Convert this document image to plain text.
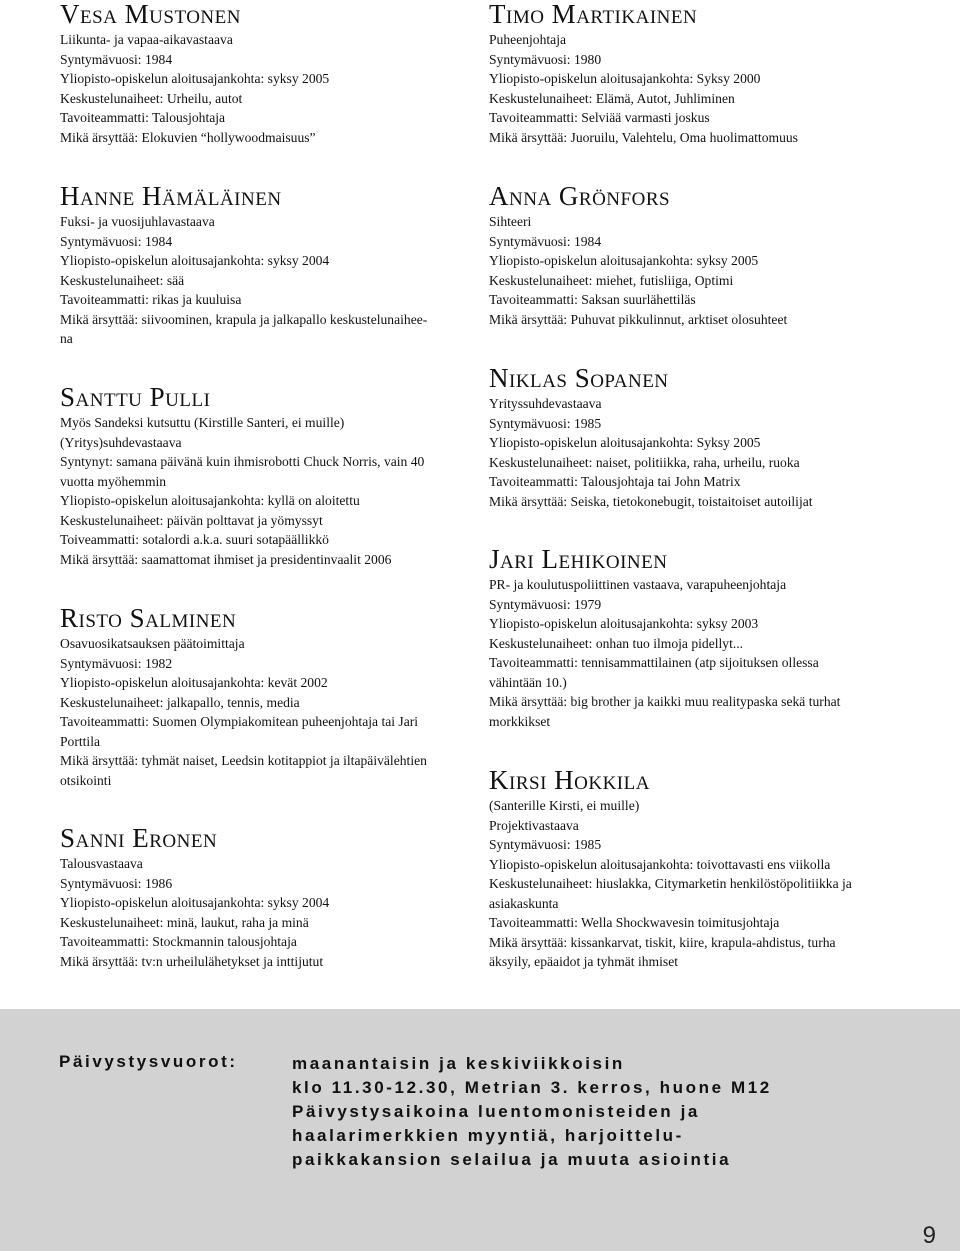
Vesa Mustonen

Liikunta- ja vapaa-aikavastaava

Syntymävuosi: 1984

Yliopisto-opiskelun aloitusajankohta: syksy 2005

Keskustelunaiheet: Urheilu, autot

Tavoiteammatti: Talousjohtaja

Mikä ärsyttää: Elokuvien “hollywoodmaisuus”

Hanne Hämäläinen

Fuksi- ja vuosijuhlavastaava

Syntymävuosi: 1984

Yliopisto-opiskelun aloitusajankohta: syksy 2004

Keskustelunaiheet: sää

Tavoiteammatti: rikas ja kuuluisa

Mikä ärsyttää: siivoominen, krapula ja jalkapallo keskustelunaihee-

na

Santtu Pulli

Myös Sandeksi kutsuttu (Kirstille Santeri, ei muille)

(Yritys)suhdevastaava

Syntynyt: samana päivänä kuin ihmisrobotti Chuck Norris, vain 40

vuotta myöhemmin

Yliopisto-opiskelun aloitusajankohta: kyllä on aloitettu

Keskustelunaiheet: päivän polttavat ja yömyssyt

Toiveammatti: sotalordi a.k.a. suuri sotapäällikkö

Mikä ärsyttää: saamattomat ihmiset ja presidentinvaalit 2006

Risto Salminen

Osavuosikatsauksen päätoimittaja

Syntymävuosi: 1982

Yliopisto-opiskelun aloitusajankohta: kevät 2002

Keskustelunaiheet: jalkapallo, tennis, media

Tavoiteammatti: Suomen Olympiakomitean puheenjohtaja tai Jari

Porttila

Mikä ärsyttää: tyhmät naiset, Leedsin kotitappiot ja iltapäivälehtien

otsikointi

Sanni Eronen

Talousvastaava

Syntymävuosi: 1986

Yliopisto-opiskelun aloitusajankohta: syksy 2004

Keskustelunaiheet: minä, laukut, raha ja minä

Tavoiteammatti: Stockmannin talousjohtaja

Mikä ärsyttää: tv:n urheilulähetykset ja inttijutut

Timo Martikainen

Puheenjohtaja

Syntymävuosi: 1980

Yliopisto-opiskelun aloitusajankohta: Syksy 2000

Keskustelunaiheet: Elämä, Autot, Juhliminen

Tavoiteammatti: Selviää varmasti joskus

Mikä ärsyttää: Juoruilu, Valehtelu, Oma huolimattomuus

Anna Grönfors

Sihteeri

Syntymävuosi: 1984

Yliopisto-opiskelun aloitusajankohta: syksy 2005

Keskustelunaiheet: miehet, futisliiga, Optimi

Tavoiteammatti: Saksan suurlähettiläs

Mikä ärsyttää: Puhuvat pikkulinnut, arktiset olosuhteet

Niklas Sopanen

Yrityssuhdevastaava

Syntymävuosi: 1985

Yliopisto-opiskelun aloitusajankohta: Syksy 2005

Keskustelunaiheet: naiset, politiikka, raha, urheilu, ruoka

Tavoiteammatti: Talousjohtaja tai John Matrix

Mikä ärsyttää: Seiska, tietokonebugit, toistaitoiset autoilijat

Jari Lehikoinen

PR- ja koulutuspoliittinen vastaava, varapuheenjohtaja

Syntymävuosi: 1979

Yliopisto-opiskelun aloitusajankohta: syksy 2003

Keskustelunaiheet: onhan tuo ilmoja pidellyt...

Tavoiteammatti: tennisammattilainen (atp sijoituksen ollessa

vähintään 10.)

Mikä ärsyttää: big brother ja kaikki muu realitypaska sekä turhat

morkkikset

Kirsi Hokkila

(Santerille Kirsti, ei muille)

Projektivastaava

Syntymävuosi: 1985

Yliopisto-opiskelun aloitusajankohta: toivottavasti ens viikolla

Keskustelunaiheet: hiuslakka, Citymarketin henkilöstöpolitiikka ja

asiakaskunta

Tavoiteammatti: Wella Shockwavesin toimitusjohtaja

Mikä ärsyttää: kissankarvat, tiskit, kiire, krapula-ahdistus, turha

äksyily, epäaidot ja tyhmät ihmiset

Päivystysvuorot:	maanantaisin ja keskiviikkoisin

klo 11.30-12.30, Metrian 3. kerros, huone M12

Päivystysaikoina luentomonisteiden ja

haalarimerkkien myyntiä, harjoittelu-

paikkakansion selailua ja muuta asiointia

9
